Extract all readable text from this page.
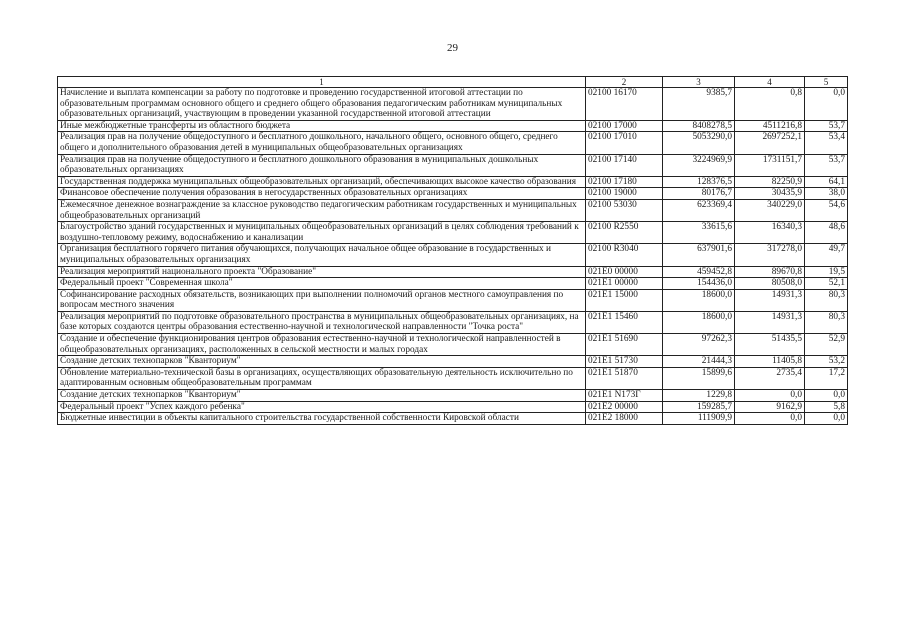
29
1	2	3	4	5
Начисление и выплата компенсации за работу по подготовке и проведению государственной итоговой аттестации по образовательным программам основного общего и среднего общего образования педагогическим работникам муниципальных образовательных организаций, участвующим в проведении указанной государственной итоговой аттестации	02100 16170	9385,7	0,8	0,0
Иные межбюджетные трансферты из областного бюджета	02100 17000	8408278,5	4511216,8	53,7
Реализация прав на получение общедоступного и бесплатного дошкольного, начального общего, основного общего, среднего общего и дополнительного образования детей в муниципальных общеобразовательных организациях	02100 17010	5053290,0	2697252,1	53,4
Реализация прав на получение общедоступного и бесплатного дошкольного образования в муниципальных дошкольных образовательных организациях	02100 17140	3224969,9	1731151,7	53,7
Государственная поддержка муниципальных общеобразовательных организаций, обеспечивающих высокое качество образования	02100 17180	128376,5	82250,9	64,1
Финансовое обеспечение получения образования в негосударственных образовательных организациях	02100 19000	80176,7	30435,9	38,0
Ежемесячное денежное вознаграждение за классное руководство педагогическим работникам государственных и муниципальных общеобразовательных организаций	02100 53030	623369,4	340229,0	54,6
Благоустройство зданий государственных и муниципальных общеобразовательных организаций в целях соблюдения требований к воздушно-тепловому режиму, водоснабжению и канализации	02100 R2550	33615,6	16340,3	48,6
Организация бесплатного горячего питания обучающихся, получающих начальное общее образование в государственных и муниципальных образовательных организациях	02100 R3040	637901,6	317278,0	49,7
Реализация мероприятий национального проекта "Образование"	021E0 00000	459452,8	89670,8	19,5
Федеральный проект "Современная школа"	021E1 00000	154436,0	80508,0	52,1
Софинансирование расходных обязательств, возникающих при выполнении полномочий органов местного самоуправления по вопросам местного значения	021E1 15000	18600,0	14931,3	80,3
Реализация мероприятий по подготовке образовательного пространства в муниципальных общеобразовательных организациях, на базе которых создаются центры образования естественно-научной и технологической направленности "Точка роста"	021E1 15460	18600,0	14931,3	80,3
Создание и обеспечение функционирования центров образования естественно-научной и технологической направленностей в общеобразовательных организациях, расположенных в сельской местности и малых городах	021E1 51690	97262,3	51435,5	52,9
Создание детских технопарков "Кванториум"	021E1 51730	21444,3	11405,8	53,2
Обновление материально-технической базы в организациях, осуществляющих образовательную деятельность исключительно по адаптированным основным общеобразовательным программам	021E1 51870	15899,6	2735,4	17,2
Создание детских технопарков "Кванториум"	021E1 N173Г	1229,8	0,0	0,0
Федеральный проект "Успех каждого ребенка"	021E2 00000	159285,7	9162,9	5,8
Бюджетные инвестиции в объекты капитального строительства государственной собственности Кировской области	021E2 18000	111909,9	0,0	0,0
